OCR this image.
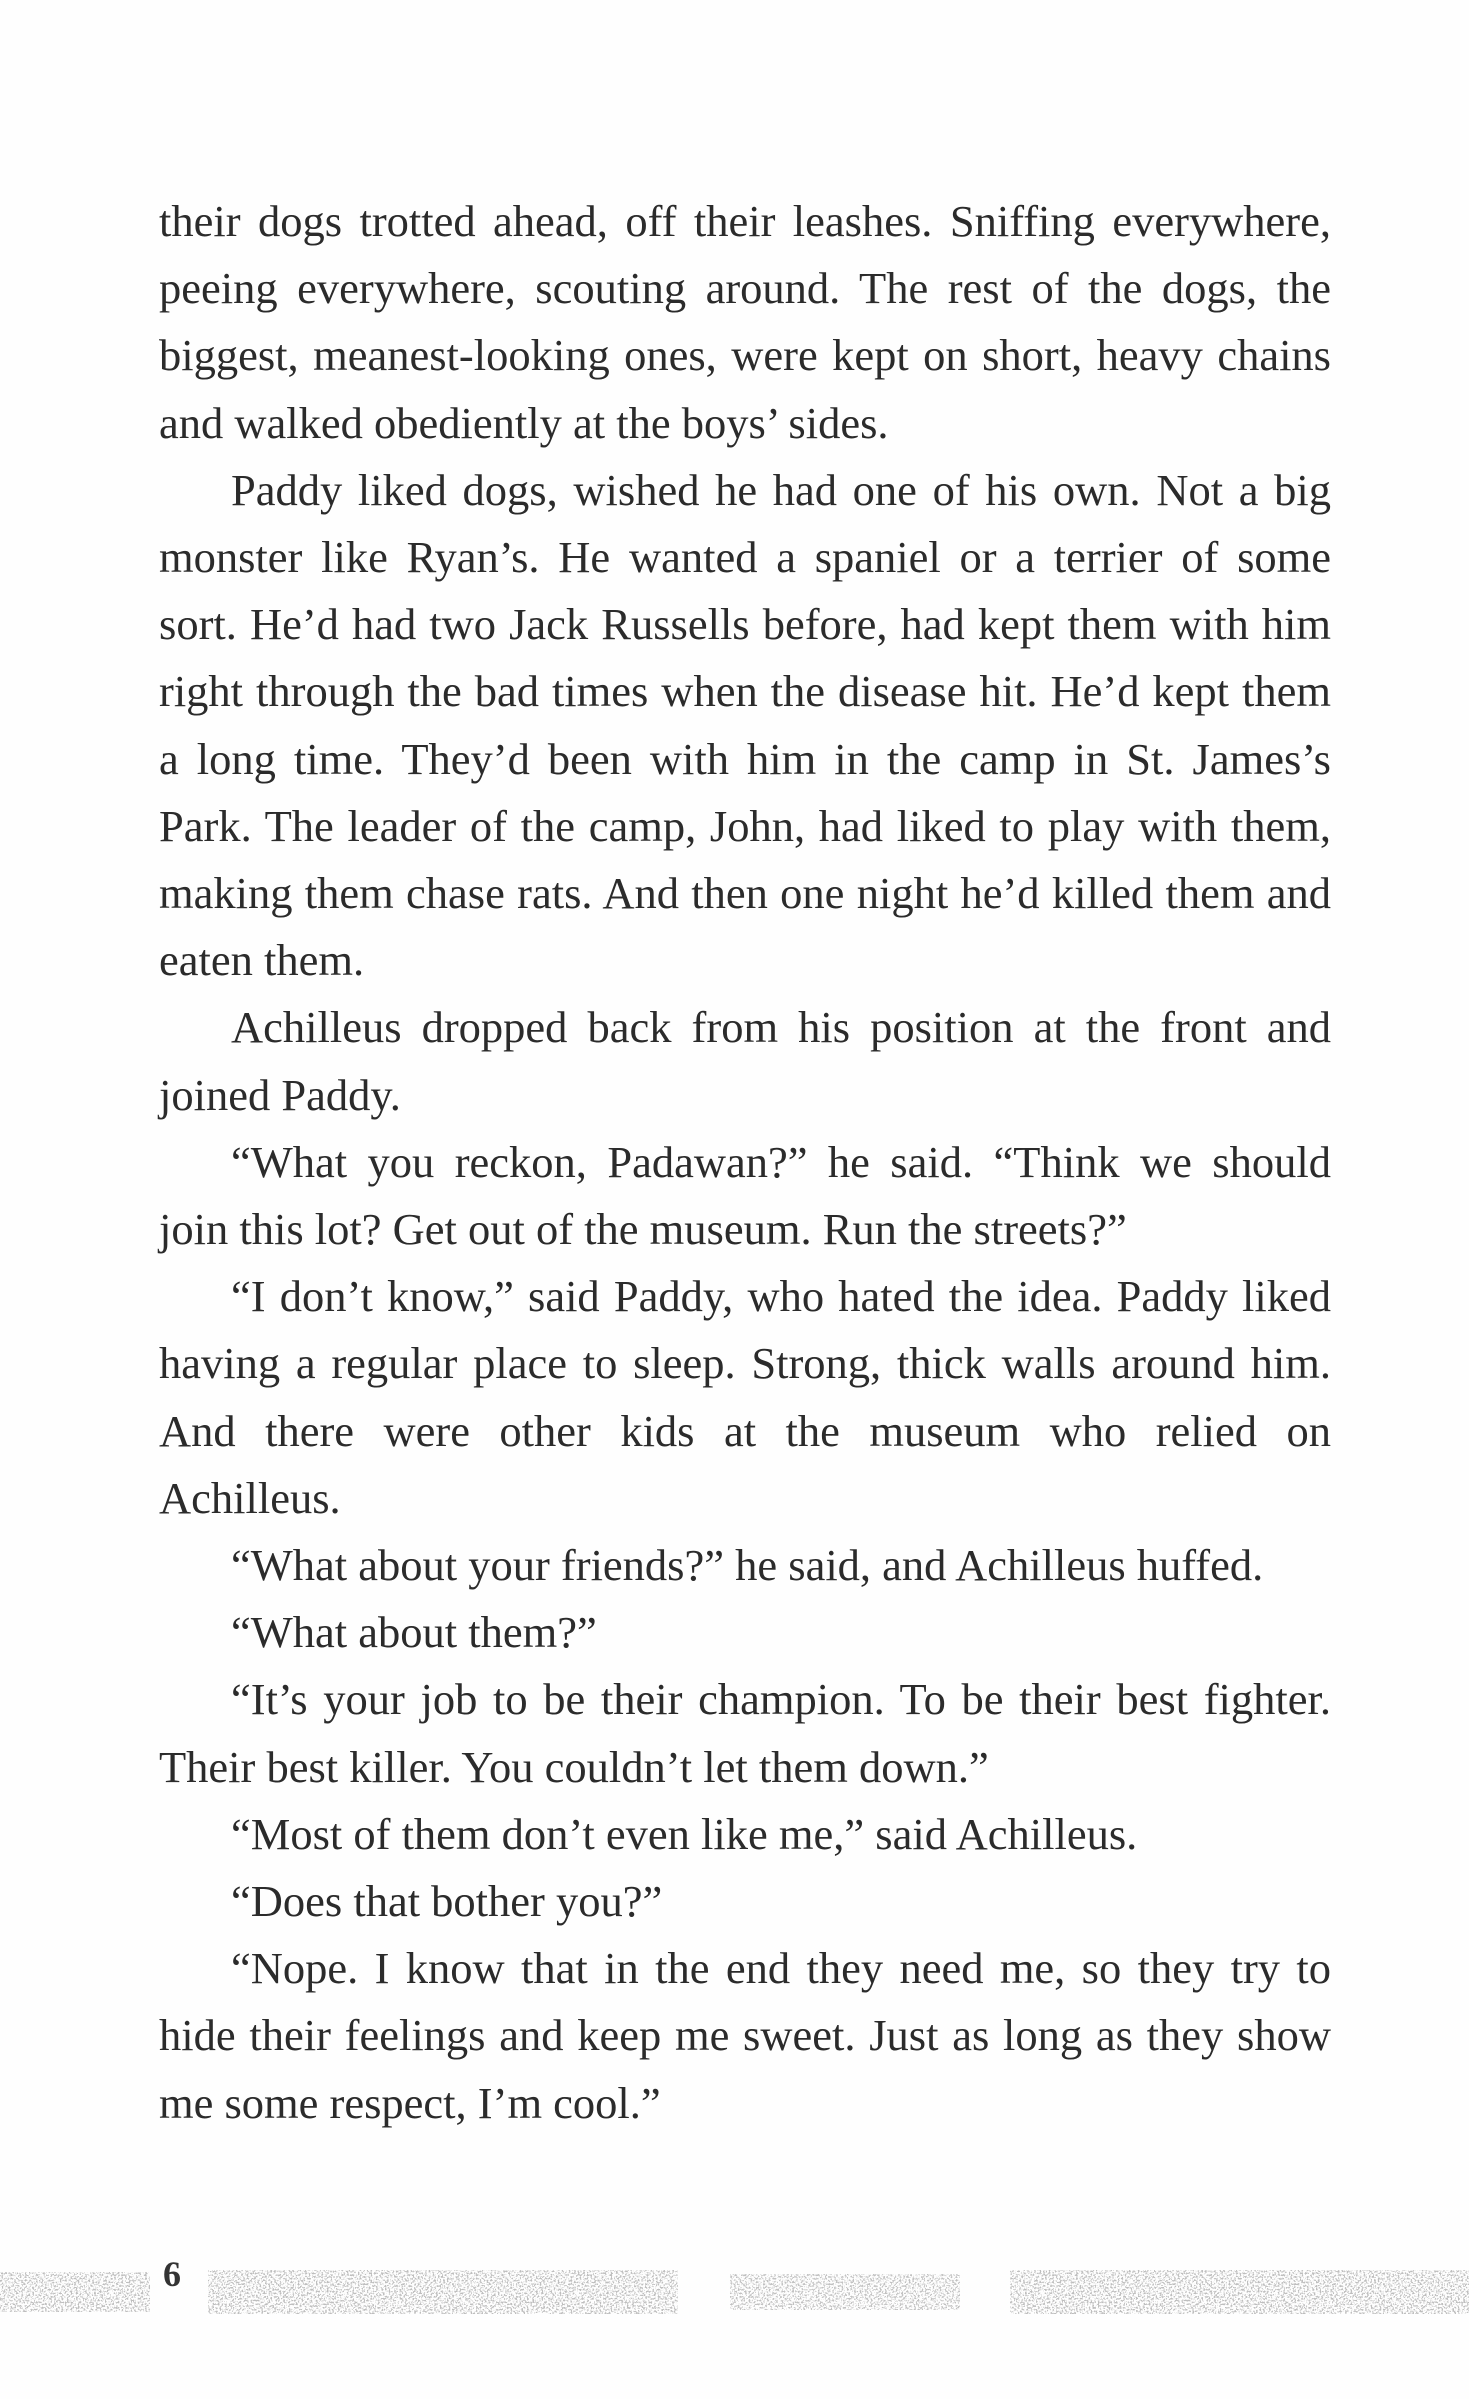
their dogs trotted ahead, off their leashes. Sniffing everywhere, peeing everywhere, scouting around. The rest of the dogs, the biggest, meanest-looking ones, were kept on short, heavy chains and walked obediently at the boys’ sides.

Paddy liked dogs, wished he had one of his own. Not a big monster like Ryan’s. He wanted a spaniel or a terrier of some sort. He’d had two Jack Russells before, had kept them with him right through the bad times when the disease hit. He’d kept them a long time. They’d been with him in the camp in St. James’s Park. The leader of the camp, John, had liked to play with them, making them chase rats. And then one night he’d killed them and eaten them.

Achilleus dropped back from his position at the front and joined Paddy.

“What you reckon, Padawan?” he said. “Think we should join this lot? Get out of the museum. Run the streets?”

“I don’t know,” said Paddy, who hated the idea. Paddy liked having a regular place to sleep. Strong, thick walls around him. And there were other kids at the museum who relied on Achilleus.

“What about your friends?” he said, and Achilleus huffed.

“What about them?”

“It’s your job to be their champion. To be their best fighter. Their best killer. You couldn’t let them down.”

“Most of them don’t even like me,” said Achilleus.

“Does that bother you?”

“Nope. I know that in the end they need me, so they try to hide their feelings and keep me sweet. Just as long as they show me some respect, I’m cool.”

6
